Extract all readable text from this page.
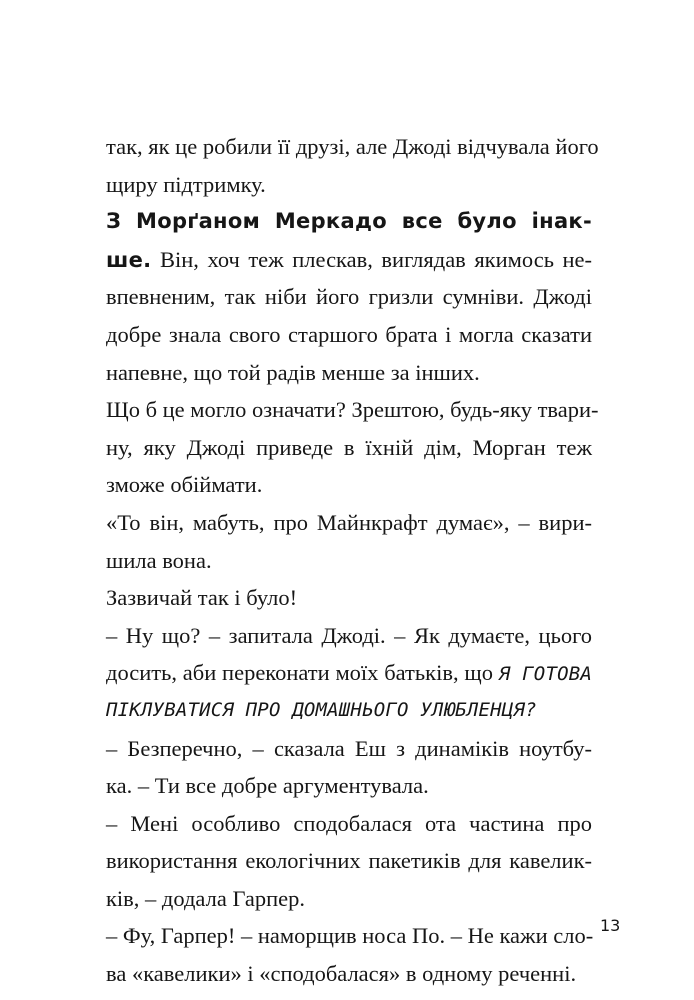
так, як це робили її друзі, але Джоді відчувала його
щиру підтримку.
З Морґаном Меркадо все було інак-
ше. Він, хоч теж плескав, виглядав якимось не-
впевненим, так ніби його гризли сумніви. Джоді
добре знала свого старшого брата і могла сказати
напевне, що той радів менше за інших.
Що б це могло означати? Зрештою, будь-яку твари-
ну, яку Джоді приведе в їхній дім, Морган теж
зможе обіймати.
«То він, мабуть, про Майнкрафт думає», – вири-
шила вона.
Зазвичай так і було!
– Ну що? – запитала Джоді. – Як думаєте, цього
досить, аби переконати моїх батьків, що Я ГОТОВА
ПІКЛУВАТИСЯ ПРО ДОМАШНЬОГО УЛЮБЛЕНЦЯ?
– Безперечно, – сказала Еш з динаміків ноутбу-
ка. – Ти все добре аргументувала.
– Мені особливо сподобалася ота частина про
використання екологічних пакетиків для кавелик-
ків, – додала Гарпер.
– Фу, Гарпер! – наморщив носа По. – Не кажи сло-
ва «кавелики» і «сподобалася» в одному реченні.
13
